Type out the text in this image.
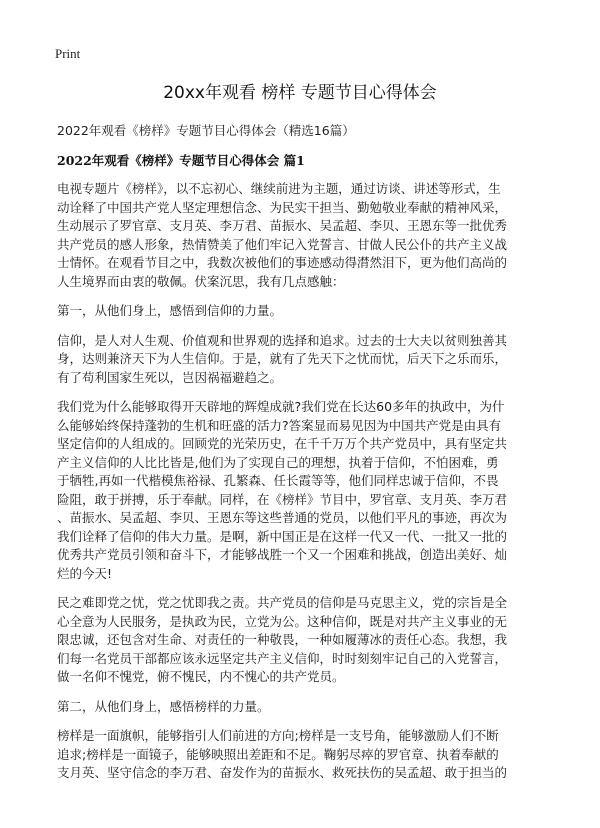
Print
20xx年观看 榜样 专题节目心得体会
2022年观看《榜样》专题节目心得体会（精选16篇）
2022年观看《榜样》专题节目心得体会 篇1

电视专题片《榜样》，以不忘初心、继续前进为主题，通过访谈、讲述等形式，生
动诠释了中国共产党人坚定理想信念、为民实干担当、勤勉敬业奉献的精神风采，
生动展示了罗官章、支月英、李万君、苗振水、吴孟超、李贝、王恩东等一批优秀
共产党员的感人形象，热情赞美了他们牢记入党誓言、甘做人民公仆的共产主义战
士情怀。在观看节目之中，我数次被他们的事迹感动得潸然泪下，更为他们高尚的
人生境界而由衷的敬佩。伏案沉思，我有几点感触：

第一，从他们身上，感悟到信仰的力量。

信仰，是人对人生观、价值观和世界观的选择和追求。过去的士大夫以贫则独善其
身，达则兼济天下为人生信仰。于是，就有了先天下之忧而忧，后天下之乐而乐，
有了苟利国家生死以，岂因祸福避趋之。

我们党为什么能够取得开天辟地的辉煌成就?我们党在长达60多年的执政中，为什
么能够始终保持蓬勃的生机和旺盛的活力?答案显而易见因为中国共产党是由具有
坚定信仰的人组成的。回顾党的光荣历史，在千千万万个共产党员中，具有坚定共
产主义信仰的人比比皆是,他们为了实现自己的理想，执着于信仰，不怕困难，勇
于牺牲,再如一代楷模焦裕禄、孔繁森、任长霞等等，他们同样忠诚于信仰，不畏
险阻，敢于拼搏，乐于奉献。同样，在《榜样》节目中，罗官章、支月英、李万君
、苗振水、吴孟超、李贝、王恩东等这些普通的党员，以他们平凡的事迹，再次为
我们诠释了信仰的伟大力量。是啊，新中国正是在这样一代又一代、一批又一批的
优秀共产党员引领和奋斗下，才能够战胜一个又一个困难和挑战，创造出美好、灿
烂的今天!

民之难即党之忧，党之忧即我之责。共产党员的信仰是马克思主义，党的宗旨是全
心全意为人民服务，是执政为民，立党为公。这种信仰，既是对共产主义事业的无
限忠诚，还包含对生命、对责任的一种敬畏，一种如履薄冰的责任心态。我想，我
们每一名党员干部都应该永远坚定共产主义信仰，时时刻刻牢记自己的入党誓言，
做一名仰不愧党，俯不愧民，内不愧心的共产党员。

第二，从他们身上，感悟榜样的力量。

榜样是一面旗帜，能够指引人们前进的方向;榜样是一支号角，能够激励人们不断
追求;榜样是一面镜子，能够映照出差距和不足。鞠躬尽瘁的罗官章、执着奉献的
支月英、坚守信念的李万君、奋发作为的苗振水、救死扶伤的吴孟超、敢于担当的
